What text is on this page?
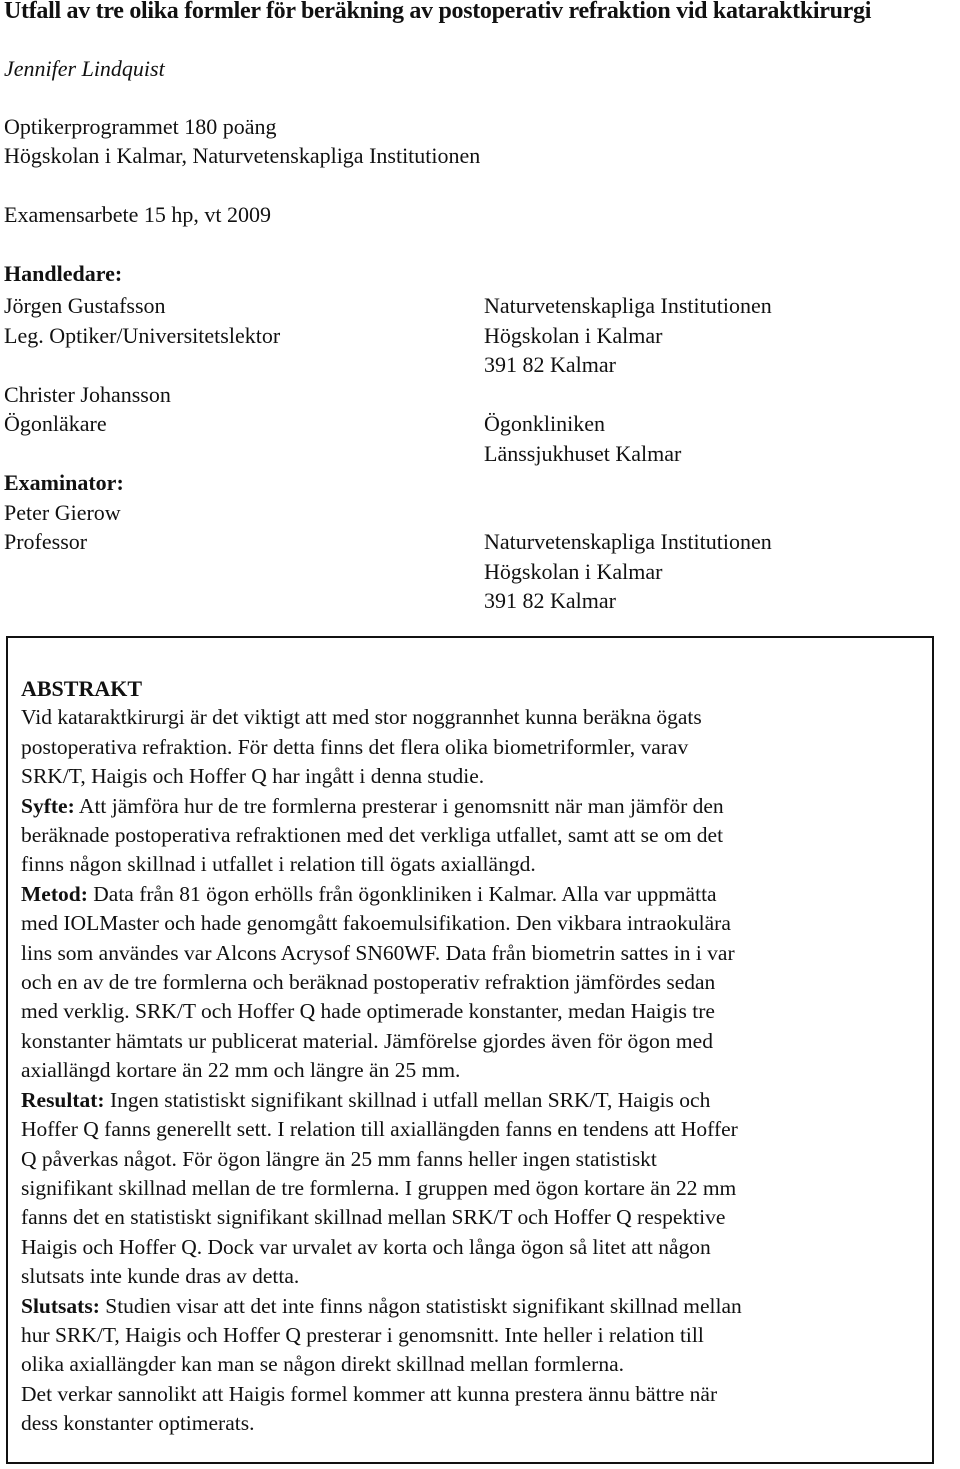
Utfall av tre olika formler för beräkning av postoperativ refraktion vid kataraktkirurgi
Jennifer Lindquist
Optikerprogrammet 180 poäng
Högskolan i Kalmar, Naturvetenskapliga Institutionen
Examensarbete 15 hp, vt 2009
Handledare:
Jörgen Gustafsson
Leg. Optiker/Universitetslektor
Christer Johansson
Ögonläkare
Examinator:
Peter Gierow
Professor
Naturvetenskapliga Institutionen
Högskolan i Kalmar
391 82 Kalmar
Ögonkliniken
Länssjukhuset Kalmar
Naturvetenskapliga Institutionen
Högskolan i Kalmar
391 82 Kalmar
ABSTRAKT
Vid kataraktkirurgi är det viktigt att med stor noggrannhet kunna beräkna ögats
postoperativa refraktion. För detta finns det flera olika biometriformler, varav
SRK/T, Haigis och Hoffer Q har ingått i denna studie.
Syfte: Att jämföra hur de tre formlerna presterar i genomsnitt när man jämför den
beräknade postoperativa refraktionen med det verkliga utfallet, samt att se om det
finns någon skillnad i utfallet i relation till ögats axiallängd.
Metod: Data från 81 ögon erhölls från ögonkliniken i Kalmar. Alla var uppmätta
med IOLMaster och hade genomgått fakoemulsifikation. Den vikbara intraokulära
lins som användes var Alcons Acrysof SN60WF. Data från biometrin sattes in i var
och en av de tre formlerna och beräknad postoperativ refraktion jämfördes sedan
med verklig. SRK/T och Hoffer Q hade optimerade konstanter, medan Haigis tre
konstanter hämtats ur publicerat material. Jämförelse gjordes även för ögon med
axiallängd kortare än 22 mm och längre än 25 mm.
Resultat: Ingen statistiskt signifikant skillnad i utfall mellan SRK/T, Haigis och
Hoffer Q fanns generellt sett. I relation till axiallängden fanns en tendens att Hoffer
Q påverkas något. För ögon längre än 25 mm fanns heller ingen statistiskt
signifikant skillnad mellan de tre formlerna. I gruppen med ögon kortare än 22 mm
fanns det en statistiskt signifikant skillnad mellan SRK/T och Hoffer Q respektive
Haigis och Hoffer Q. Dock var urvalet av korta och långa ögon så litet att någon
slutsats inte kunde dras av detta.
Slutsats: Studien visar att det inte finns någon statistiskt signifikant skillnad mellan
hur SRK/T, Haigis och Hoffer Q presterar i genomsnitt. Inte heller i relation till
olika axiallängder kan man se någon direkt skillnad mellan formlerna.
Det verkar sannolikt att Haigis formel kommer att kunna prestera ännu bättre när
dess konstanter optimerats.
